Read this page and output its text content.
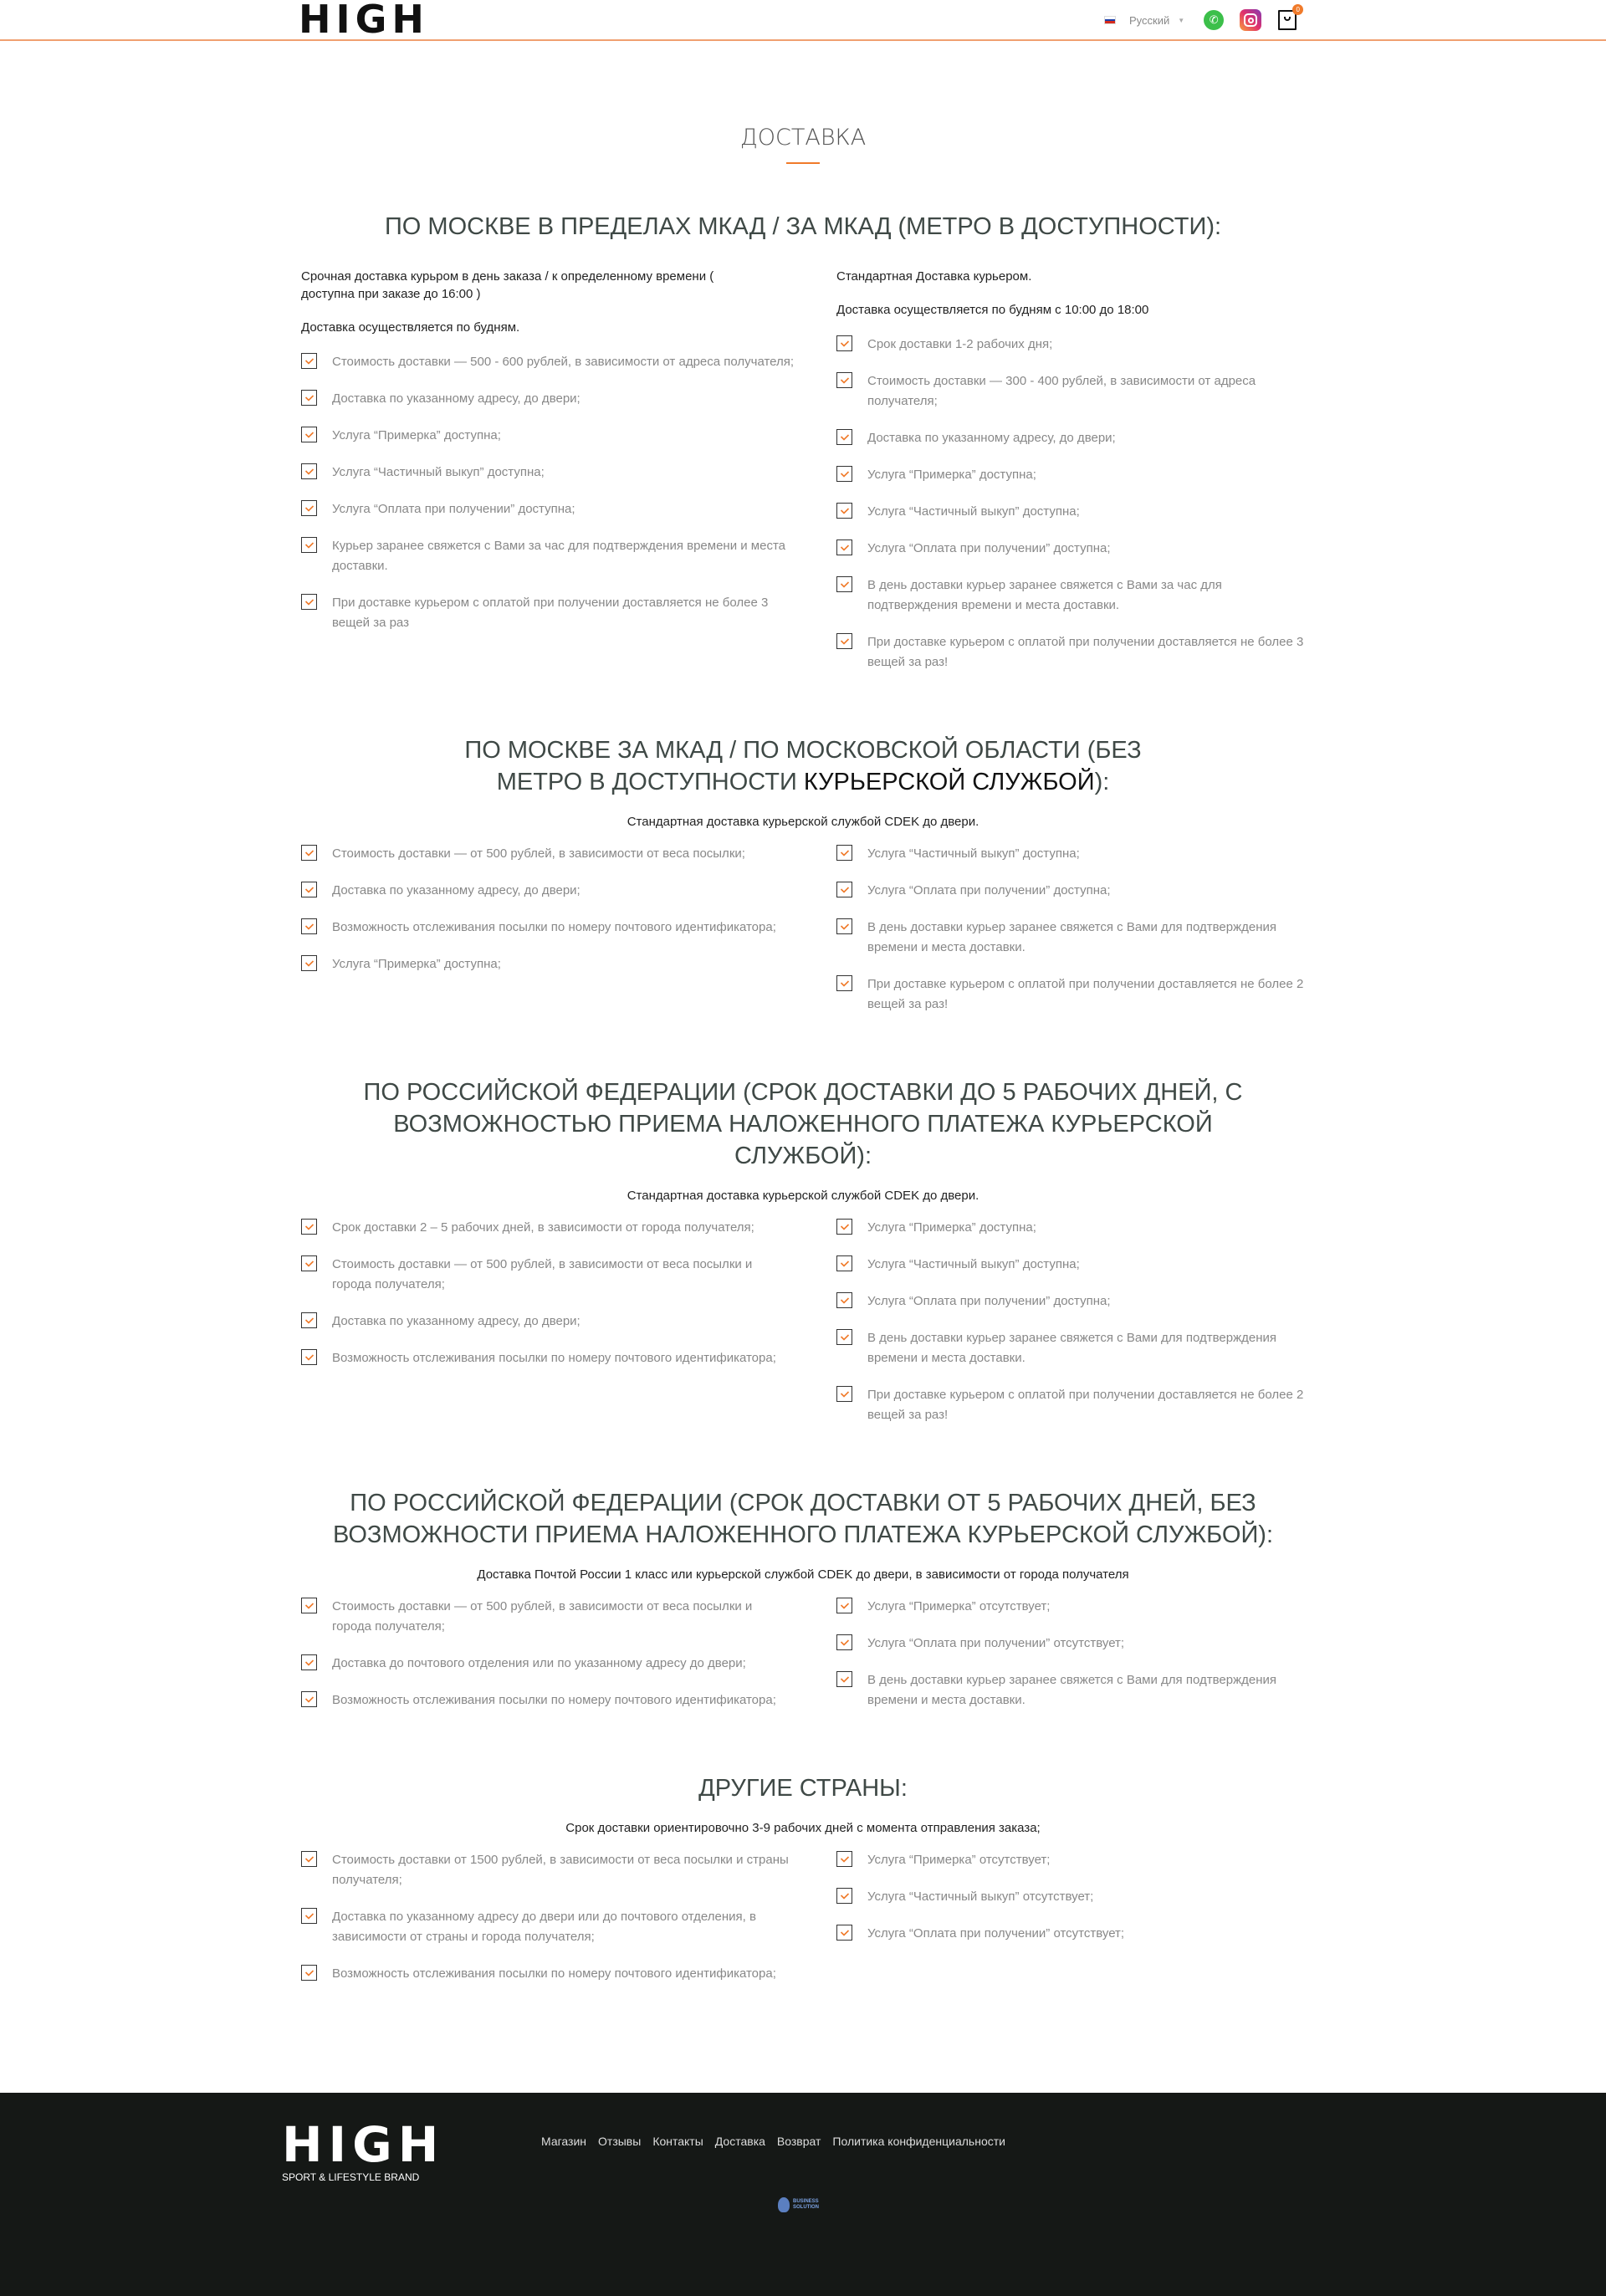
HIGH	Русский ▼	✆
0
ДОСТАВКА
ПО МОСКВЕ В ПРЕДЕЛАХ МКАД / ЗА МКАД (МЕТРО В ДОСТУПНОСТИ):

Срочная доставка курьром в день заказа / к определенному времени ( доступна при заказе до 16:00 )

Доставка осуществляется по будням.

Стоимость доставки — 500 - 600 рублей, в зависимости от адреса получателя;
Доставка по указанному адресу, до двери;
Услуга “Примерка” доступна;
Услуга “Частичный выкуп” доступна;
Услуга “Оплата при получении” доступна;
Курьер заранее свяжется с Вами за час для подтверждения времени и места доставки.
При доставке курьером с оплатой при получении доставляется не более 3 вещей за раз

Стандартная Доставка курьером.

Доставка осуществляется по будням с 10:00 до 18:00

Срок доставки 1-2 рабочих дня;
Стоимость доставки — 300 - 400 рублей, в зависимости от адреса получателя;
Доставка по указанному адресу, до двери;
Услуга “Примерка” доступна;
Услуга “Частичный выкуп” доступна;
Услуга “Оплата при получении” доступна;
В день доставки курьер заранее свяжется с Вами за час для подтверждения времени и места доставки.
При доставке курьером с оплатой при получении доставляется не более 3 вещей за раз!
ПО МОСКВЕ ЗА МКАД / ПО МОСКОВСКОЙ ОБЛАСТИ (БЕЗ МЕТРО В ДОСТУПНОСТИ КУРЬЕРСКОЙ СЛУЖБОЙ):

Стандартная доставка курьерской службой CDEK до двери.

Стоимость доставки — от 500 рублей, в зависимости от веса посылки;
Доставка по указанному адресу, до двери;
Возможность отслеживания посылки по номеру почтового идентификатора;
Услуга “Примерка” доступна;
Услуга “Частичный выкуп” доступна;
Услуга “Оплата при получении” доступна;
В день доставки курьер заранее свяжется с Вами для подтверждения времени и места доставки.
При доставке курьером с оплатой при получении доставляется не более 2 вещей за раз!
ПО РОССИЙСКОЙ ФЕДЕРАЦИИ (СРОК ДОСТАВКИ ДО 5 РАБОЧИХ ДНЕЙ, С ВОЗМОЖНОСТЬЮ ПРИЕМА НАЛОЖЕННОГО ПЛАТЕЖА КУРЬЕРСКОЙ СЛУЖБОЙ):

Стандартная доставка курьерской службой CDEK до двери.

Срок доставки 2 – 5 рабочих дней, в зависимости от города получателя;
Стоимость доставки — от 500 рублей, в зависимости от веса посылки и города получателя;
Доставка по указанному адресу, до двери;
Возможность отслеживания посылки по номеру почтового идентификатора;
Услуга “Примерка” доступна;
Услуга “Частичный выкуп” доступна;
Услуга “Оплата при получении” доступна;
В день доставки курьер заранее свяжется с Вами для подтверждения времени и места доставки.
При доставке курьером с оплатой при получении доставляется не более 2 вещей за раз!
ПО РОССИЙСКОЙ ФЕДЕРАЦИИ (СРОК ДОСТАВКИ ОТ 5 РАБОЧИХ ДНЕЙ, БЕЗ ВОЗМОЖНОСТИ ПРИЕМА НАЛОЖЕННОГО ПЛАТЕЖА КУРЬЕРСКОЙ СЛУЖБОЙ):

Доставка Почтой России 1 класс или курьерской службой CDEK до двери, в зависимости от города получателя

Стоимость доставки — от 500 рублей, в зависимости от веса посылки и города получателя;
Доставка до почтового отделения или по указанному адресу до двери;
Возможность отслеживания посылки по номеру почтового идентификатора;
Услуга “Примерка” отсутствует;
Услуга “Оплата при получении” отсутствует;
В день доставки курьер заранее свяжется с Вами для подтверждения времени и места доставки.
ДРУГИЕ СТРАНЫ:

Срок доставки ориентировочно 3-9 рабочих дней с момента отправления заказа;

Стоимость доставки от 1500 рублей, в зависимости от веса посылки и страны получателя;
Доставка по указанному адресу до двери или до почтового отделения, в зависимости от страны и города получателя;
Возможность отслеживания посылки по номеру почтового идентификатора;
Услуга “Примерка” отсутствует;
Услуга “Частичный выкуп” отсутствует;
Услуга “Оплата при получении” отсутствует;
HIGH
SPORT & LIFESTYLE BRAND
Магазин Отзывы Контакты Доставка Возврат Политика конфиденциальности
BUSINESS
SOLUTION
